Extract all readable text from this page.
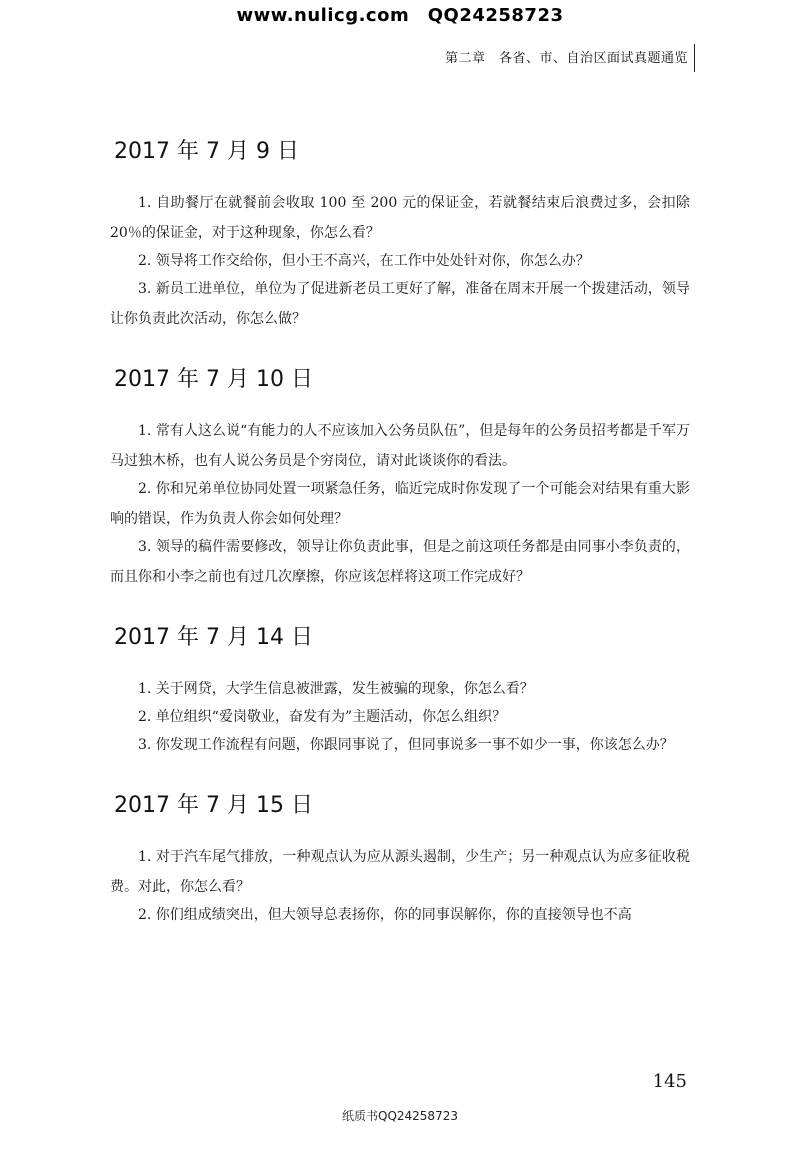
www.nulicg.com　QQ24258723
第二章　各省、市、自治区面试真题通览
2017 年 7 月 9 日
1. 自助餐厅在就餐前会收取 100 至 200 元的保证金，若就餐结束后浪费过多，会扣除 20％的保证金，对于这种现象，你怎么看？
2. 领导将工作交给你，但小王不高兴，在工作中处处针对你，你怎么办？
3. 新员工进单位，单位为了促进新老员工更好了解，准备在周末开展一个拨建活动，领导让你负责此次活动，你怎么做？
2017 年 7 月 10 日
1. 常有人这么说“有能力的人不应该加入公务员队伍”，但是每年的公务员招考都是千军万马过独木桥，也有人说公务员是个穷岗位，请对此谈谈你的看法。
2. 你和兄弟单位协同处置一项紧急任务，临近完成时你发现了一个可能会对结果有重大影响的错误，作为负责人你会如何处理？
3. 领导的稿件需要修改，领导让你负责此事，但是之前这项任务都是由同事小李负责的，而且你和小李之前也有过几次摩擦，你应该怎样将这项工作完成好？
2017 年 7 月 14 日
1. 关于网贷，大学生信息被泄露，发生被骗的现象，你怎么看？
2. 单位组织“爱岗敬业，奋发有为”主题活动，你怎么组织？
3. 你发现工作流程有问题，你跟同事说了，但同事说多一事不如少一事，你该怎么办？
2017 年 7 月 15 日
1. 对于汽车尾气排放，一种观点认为应从源头遏制，少生产；另一种观点认为应多征收税费。对此，你怎么看？
2. 你们组成绩突出，但大领导总表扬你，你的同事误解你，你的直接领导也不高
145
纸质书QQ24258723
